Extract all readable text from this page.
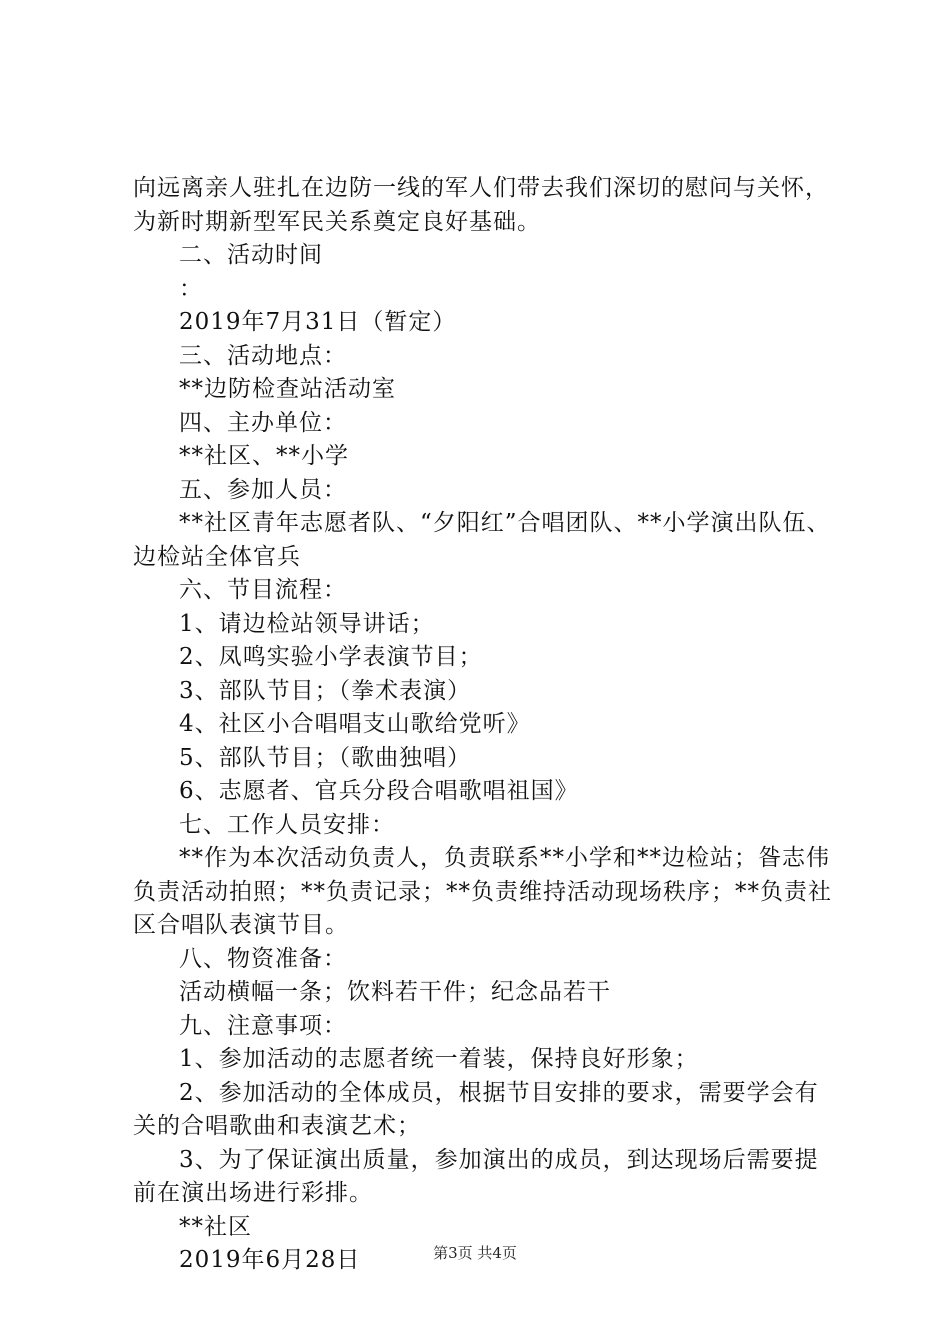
向远离亲人驻扎在边防一线的军人们带去我们深切的慰问与关怀，为新时期新型军民关系奠定良好基础。

二、活动时间

：

2019年7月31日（暂定）

三、活动地点：

**边防检查站活动室

四、主办单位：

**社区、**小学

五、参加人员：

**社区青年志愿者队、“夕阳红”合唱团队、**小学演出队伍、边检站全体官兵

六、节目流程：

1、请边检站领导讲话；

2、凤鸣实验小学表演节目；

3、部队节目；（拳术表演）

4、社区小合唱唱支山歌给党听》

5、部队节目；（歌曲独唱）

6、志愿者、官兵分段合唱歌唱祖国》

七、工作人员安排：

**作为本次活动负责人，负责联系**小学和**边检站；昝志伟负责活动拍照；**负责记录；**负责维持活动现场秩序；**负责社区合唱队表演节目。

八、物资准备：

活动横幅一条；饮料若干件；纪念品若干

九、注意事项：

1、参加活动的志愿者统一着装，保持良好形象；

2、参加活动的全体成员，根据节目安排的要求，需要学会有关的合唱歌曲和表演艺术；

3、为了保证演出质量，参加演出的成员，到达现场后需要提前在演出场进行彩排。

**社区

2019年6月28日	第3页 共4页
